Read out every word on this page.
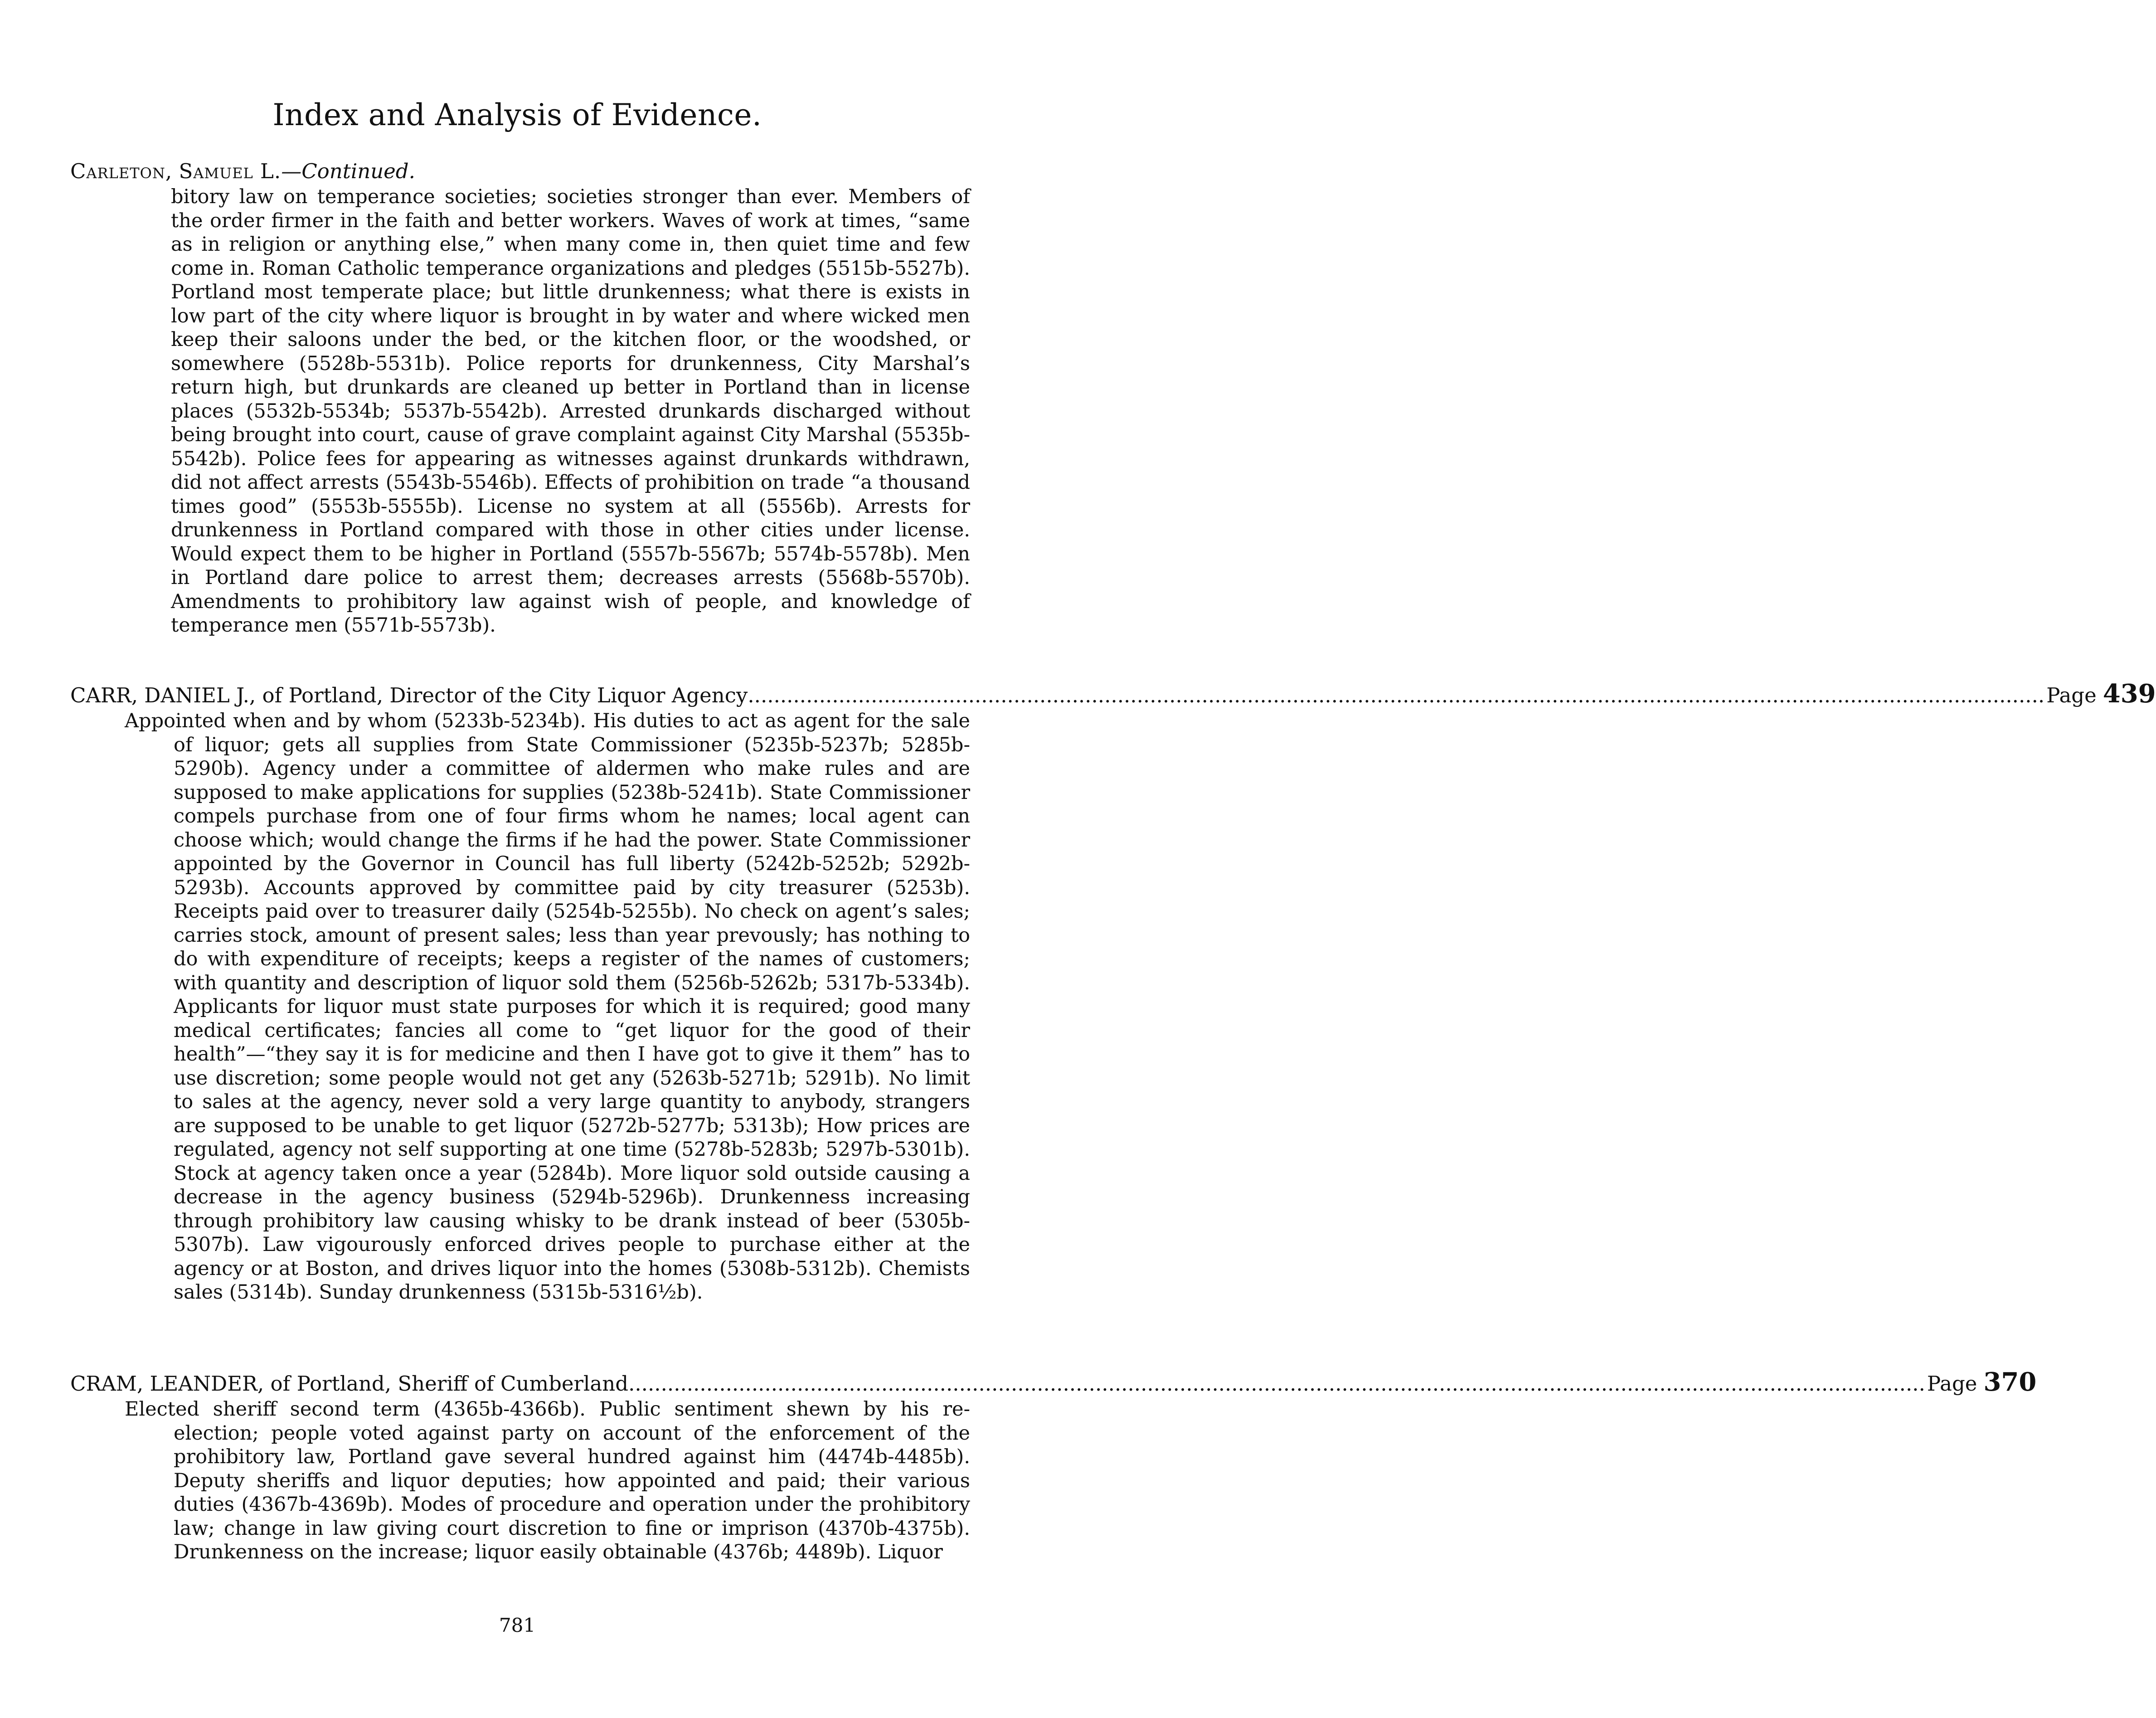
Index and Analysis of Evidence.
Carleton, Samuel L.—Continued.
bitory law on temperance societies; societies stronger than ever. Members of the order firmer in the faith and better workers. Waves of work at times, “same as in religion or anything else,” when many come in, then quiet time and few come in. Roman Catholic temperance organizations and pledges (5515b-5527b). Portland most temperate place; but little drunkenness; what there is exists in low part of the city where liquor is brought in by water and where wicked men keep their saloons under the bed, or the kitchen floor, or the woodshed, or somewhere (5528b-5531b). Police reports for drunkenness, City Marshal’s return high, but drunkards are cleaned up better in Portland than in license places (5532b-5534b; 5537b-5542b). Arrested drunkards discharged without being brought into court, cause of grave complaint against City Marshal (5535b-5542b). Police fees for appearing as witnesses against drunkards withdrawn, did not affect arrests (5543b-5546b). Effects of prohibition on trade “a thousand times good” (5553b-5555b). License no system at all (5556b). Arrests for drunkenness in Portland compared with those in other cities under license. Would expect them to be higher in Portland (5557b-5567b; 5574b-5578b). Men in Portland dare police to arrest them; decreases arrests (5568b-5570b). Amendments to prohibitory law against wish of people, and knowledge of temperance men (5571b-5573b).
CARR, DANIEL J.,
of Portland, Director of the City Liquor Agency ........................................................................................................................................................................................................ Page 439
Appointed when and by whom (5233b-5234b). His duties to act as agent for the sale of liquor; gets all supplies from State Commissioner (5235b-5237b; 5285b-5290b). Agency under a committee of aldermen who make rules and are supposed to make applications for supplies (5238b-5241b). State Commissioner compels purchase from one of four firms whom he names; local agent can choose which; would change the firms if he had the power. State Commissioner appointed by the Governor in Council has full liberty (5242b-5252b; 5292b-5293b). Accounts approved by committee paid by city treasurer (5253b). Receipts paid over to treasurer daily (5254b-5255b). No check on agent’s sales; carries stock, amount of present sales; less than year prevously; has nothing to do with expenditure of receipts; keeps a register of the names of customers; with quantity and description of liquor sold them (5256b-5262b; 5317b-5334b). Applicants for liquor must state purposes for which it is required; good many medical certificates; fancies all come to “get liquor for the good of their health”—“they say it is for medicine and then I have got to give it them” has to use discretion; some people would not get any (5263b-5271b; 5291b). No limit to sales at the agency, never sold a very large quantity to anybody, strangers are supposed to be unable to get liquor (5272b-5277b; 5313b); How prices are regulated, agency not self supporting at one time (5278b-5283b; 5297b-5301b). Stock at agency taken once a year (5284b). More liquor sold outside causing a decrease in the agency business (5294b-5296b). Drunkenness increasing through prohibitory law causing whisky to be drank instead of beer (5305b-5307b). Law vigourously enforced drives people to purchase either at the agency or at Boston, and drives liquor into the homes (5308b-5312b). Chemists sales (5314b). Sunday drunkenness (5315b-5316½b).
CRAM, LEANDER,
of Portland, Sheriff of Cumberland ........................................................................................................................................................................................................ Page 370
Elected sheriff second term (4365b-4366b). Public sentiment shewn by his re-election; people voted against party on account of the enforcement of the prohibitory law, Portland gave several hundred against him (4474b-4485b). Deputy sheriffs and liquor deputies; how appointed and paid; their various duties (4367b-4369b). Modes of procedure and operation under the prohibitory law; change in law giving court discretion to fine or imprison (4370b-4375b). Drunkenness on the increase; liquor easily obtainable (4376b; 4489b). Liquor
781
